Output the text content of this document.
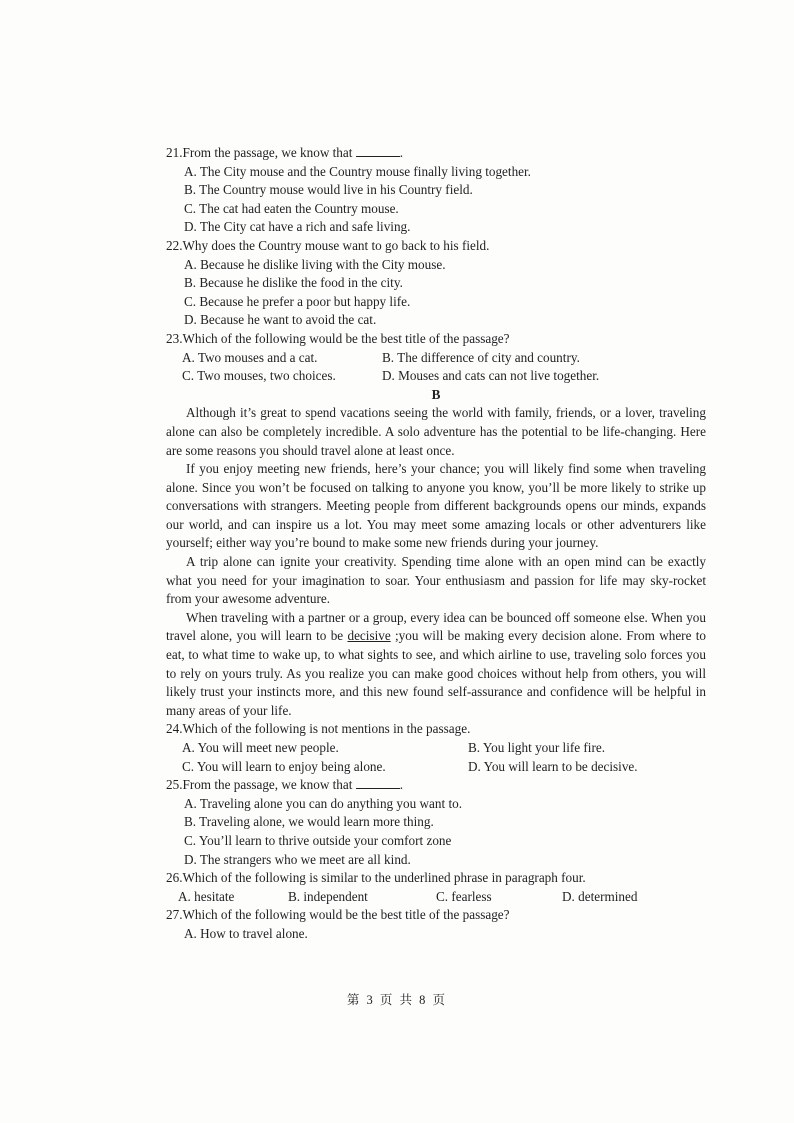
21.From the passage, we know that	.

A. The City mouse and the Country mouse finally living together.

B. The Country mouse would live in his Country field.

C. The cat had eaten the Country mouse.

D. The City cat have a rich and safe living.

22.Why does the Country mouse want to go back to his field.

A. Because he dislike living with the City mouse.

B. Because he dislike the food in the city.

C. Because he prefer a poor but happy life.

D. Because he want to avoid the cat.

23.Which of the following would be the best title of the passage?

A. Two mouses and a cat.	B. The difference of city and country.
C. Two mouses, two choices.	D. Mouses and cats can not live together.

B

Although it’s great to spend vacations seeing the world with family, friends, or a lover, traveling alone can also be completely incredible. A solo adventure has the potential to be life-changing. Here are some reasons you should travel alone at least once.

If you enjoy meeting new friends, here’s your chance; you will likely find some when traveling alone. Since you won’t be focused on talking to anyone you know, you’ll be more likely to strike up conversations with strangers. Meeting people from different backgrounds opens our minds, expands our world, and can inspire us a lot. You may meet some amazing locals or other adventurers like yourself; either way you’re bound to make some new friends during your journey.

A trip alone can ignite your creativity. Spending time alone with an open mind can be exactly what you need for your imagination to soar. Your enthusiasm and passion for life may sky-rocket from your awesome adventure.

When traveling with a partner or a group, every idea can be bounced off someone else. When you travel alone, you will learn to be decisive ;you will be making every decision alone. From where to eat, to what time to wake up, to what sights to see, and which airline to use, traveling solo forces you to rely on yours truly. As you realize you can make good choices without help from others, you will likely trust your instincts more, and this new found self-assurance and confidence will be helpful in many areas of your life.

24.Which of the following is not mentions in the passage.

A. You will meet new people.	B. You light your life fire.
C. You will learn to enjoy being alone.	D. You will learn to be decisive.

25.From the passage, we know that	.

A. Traveling alone you can do anything you want to.

B. Traveling alone, we would learn more thing.

C. You’ll learn to thrive outside your comfort zone

D. The strangers who we meet are all kind.

26.Which of the following is similar to the underlined phrase in paragraph four.

A. hesitate	B. independent	C. fearless	D. determined

27.Which of the following would be the best title of the passage?

A. How to travel alone.

第 3 页 共 8 页
